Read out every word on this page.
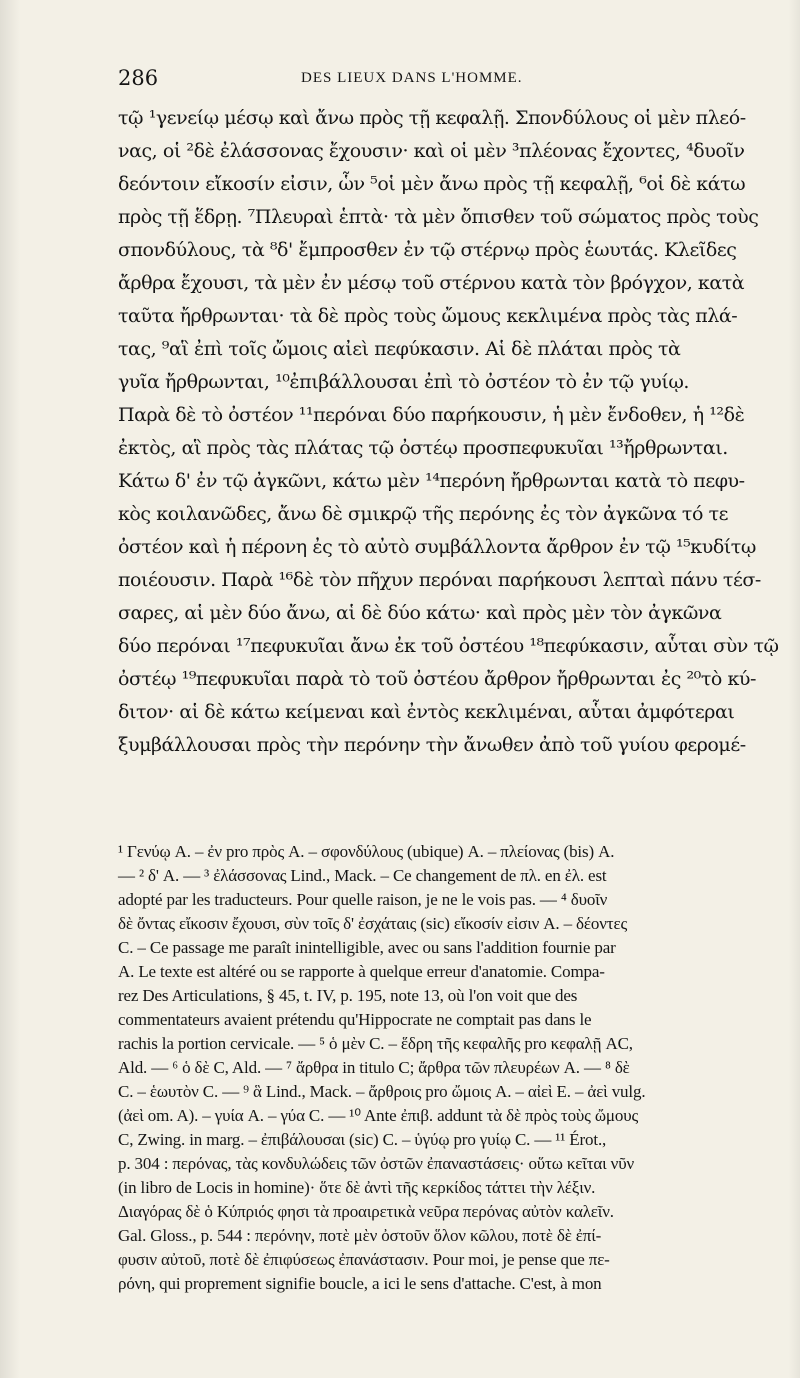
286	DES LIEUX DANS L'HOMME.
τῷ ¹γενείῳ μέσῳ καὶ ἄνω πρὸς τῇ κεφαλῇ. Σπονδύλους οἱ μὲν πλεό-
νας, οἱ ²δὲ ἐλάσσονας ἔχουσιν· καὶ οἱ μὲν ³πλέονας ἔχοντες, ⁴δυοῖν
δεόντοιν εἴκοσίν εἰσιν, ὧν ⁵οἱ μὲν ἄνω πρὸς τῇ κεφαλῇ, ⁶οἱ δὲ κάτω
πρὸς τῇ ἕδρῃ. ⁷Πλευραὶ ἑπτὰ· τὰ μὲν ὄπισθεν τοῦ σώματος πρὸς τοὺς
σπονδύλους, τὰ ⁸δ' ἔμπροσθεν ἐν τῷ στέρνῳ πρὸς ἑωυτάς. Κλεῖδες
ἄρθρα ἔχουσι, τὰ μὲν ἐν μέσῳ τοῦ στέρνου κατὰ τὸν βρόγχον, κατὰ
ταῦτα ἤρθρωνται· τὰ δὲ πρὸς τοὺς ὤμους κεκλιμένα πρὸς τὰς πλά-
τας, ⁹αἳ ἐπὶ τοῖς ὤμοις αἰεὶ πεφύκασιν. Αἱ δὲ πλάται πρὸς τὰ
γυῖα ἤρθρωνται, ¹⁰ἐπιβάλλουσαι ἐπὶ τὸ ὀστέον τὸ ἐν τῷ γυίῳ.
Παρὰ δὲ τὸ ὀστέον ¹¹περόναι δύο παρήκουσιν, ἡ μὲν ἔνδοθεν, ἡ ¹²δὲ
ἐκτὸς, αἳ πρὸς τὰς πλάτας τῷ ὀστέῳ προσπεφυκυῖαι ¹³ἤρθρωνται.
Κάτω δ' ἐν τῷ ἀγκῶνι, κάτω μὲν ¹⁴περόνη ἤρθρωνται κατὰ τὸ πεφυ-
κὸς κοιλανῶδες, ἄνω δὲ σμικρῷ τῆς περόνης ἐς τὸν ἀγκῶνα τό τε
ὀστέον καὶ ἡ πέρονη ἐς τὸ αὐτὸ συμβάλλοντα ἄρθρον ἐν τῷ ¹⁵κυδίτῳ
ποιέουσιν. Παρὰ ¹⁶δὲ τὸν πῆχυν περόναι παρήκουσι λεπταὶ πάνυ τέσ-
σαρες, αἱ μὲν δύο ἄνω, αἱ δὲ δύο κάτω· καὶ πρὸς μὲν τὸν ἀγκῶνα
δύο περόναι ¹⁷πεφυκυῖαι ἄνω ἐκ τοῦ ὀστέου ¹⁸πεφύκασιν, αὗται σὺν τῷ
ὀστέῳ ¹⁹πεφυκυῖαι παρὰ τὸ τοῦ ὀστέου ἄρθρον ἤρθρωνται ἐς ²⁰τὸ κύ-
διτον· αἱ δὲ κάτω κείμεναι καὶ ἐντὸς κεκλιμέναι, αὗται ἀμφότεραι
ξυμβάλλουσαι πρὸς τὴν περόνην τὴν ἄνωθεν ἀπὸ τοῦ γυίου φερομέ-
¹ Γενύῳ A. – ἐν pro πρὸς A. – σφονδύλους (ubique) A. – πλείονας (bis) A.
— ² δ' A. — ³ ἐλάσσονας Lind., Mack. – Ce changement de πλ. en ἐλ. est
adopté par les traducteurs. Pour quelle raison, je ne le vois pas. — ⁴ δυοῖν
δὲ ὄντας εἴκοσιν ἔχουσι, σὺν τοῖς δ' ἐσχάταις (sic) εἴκοσίν εἰσιν A. – δέοντες
C. – Ce passage me paraît inintelligible, avec ou sans l'addition fournie par
A. Le texte est altéré ou se rapporte à quelque erreur d'anatomie. Compa-
rez Des Articulations, § 45, t. IV, p. 195, note 13, où l'on voit que des
commentateurs avaient prétendu qu'Hippocrate ne comptait pas dans le
rachis la portion cervicale. — ⁵ ὁ μὲν C. – ἕδρη τῆς κεφαλῆς pro κεφαλῇ AC,
Ald. — ⁶ ὁ δὲ C, Ald. — ⁷ ἄρθρα in titulo C; ἄρθρα τῶν πλευρέων A. — ⁸ δὲ
C. – ἑωυτὸν C. — ⁹ ἃ Lind., Mack. – ἄρθροις pro ὤμοις A. – αἰεὶ E. – ἀεὶ vulg.
(ἀεὶ om. A). – γυία A. – γύα C. — ¹⁰ Ante ἐπιβ. addunt τὰ δὲ πρὸς τοὺς ὤμους
C, Zwing. in marg. – ἐπιβάλουσαι (sic) C. – ὑγύῳ pro γυίῳ C. — ¹¹ Érot.,
p. 304 : περόνας, τὰς κονδυλώδεις τῶν ὀστῶν ἐπαναστάσεις· οὕτω κεῖται νῦν
(in libro de Locis in homine)· ὅτε δὲ ἀντὶ τῆς κερκίδος τάττει τὴν λέξιν.
Διαγόρας δὲ ὁ Κύπριός φησι τὰ προαιρετικὰ νεῦρα περόνας αὐτὸν καλεῖν.
Gal. Gloss., p. 544 : περόνην, ποτὲ μὲν ὀστοῦν ὅλον κῶλου, ποτὲ δὲ ἐπί-
φυσιν αὐτοῦ, ποτὲ δὲ ἐπιφύσεως ἐπανάστασιν. Pour moi, je pense que πε-
ρόνη, qui proprement signifie boucle, a ici le sens d'attache. C'est, à mon
